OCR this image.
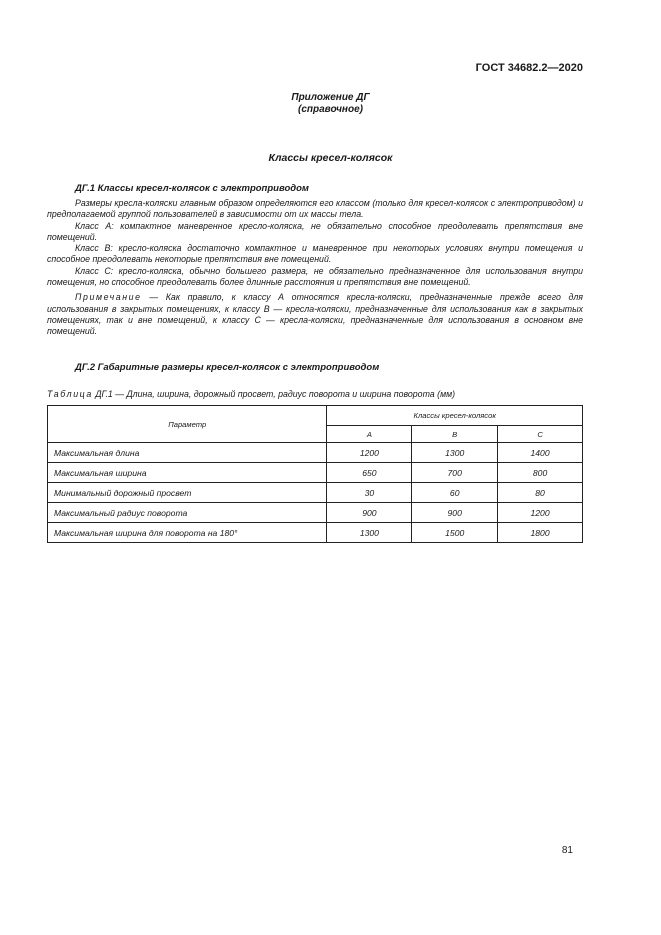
ГОСТ 34682.2—2020
Приложение ДГ
(справочное)
Классы кресел-колясок
ДГ.1 Классы кресел-колясок с электроприводом

Размеры кресла-коляски главным образом определяются его классом (только для кресел-колясок с электроприводом) и предполагаемой группой пользователей в зависимости от их массы тела.

Класс А: компактное маневренное кресло-коляска, не обязательно способное преодолевать препятствия вне помещений.

Класс В: кресло-коляска достаточно компактное и маневренное при некоторых условиях внутри помещения и способное преодолевать некоторые препятствия вне помещений.

Класс С: кресло-коляска, обычно большего размера, не обязательно предназначенное для использования внутри помещения, но способное преодолевать более длинные расстояния и препятствия вне помещений.

Примечание — Как правило, к классу А относятся кресла-коляски, предназначенные прежде всего для использования в закрытых помещениях, к классу В — кресла-коляски, предназначенные для использования как в закрытых помещениях, так и вне помещений, к классу С — кресла-коляски, предназначенные для использования в основном вне помещений.

ДГ.2 Габаритные размеры кресел-колясок с электроприводом
Таблица ДГ.1 — Длина, ширина, дорожный просвет, радиус поворота и ширина поворота (мм)
Параметр	Классы кресел-колясок		
	А	В	С
Максимальная длина	1200	1300	1400
Максимальная ширина	650	700	800
Минимальный дорожный просвет	30	60	80
Максимальный радиус поворота	900	900	1200
Максимальная ширина для поворота на 180°	1300	1500	1800
81
